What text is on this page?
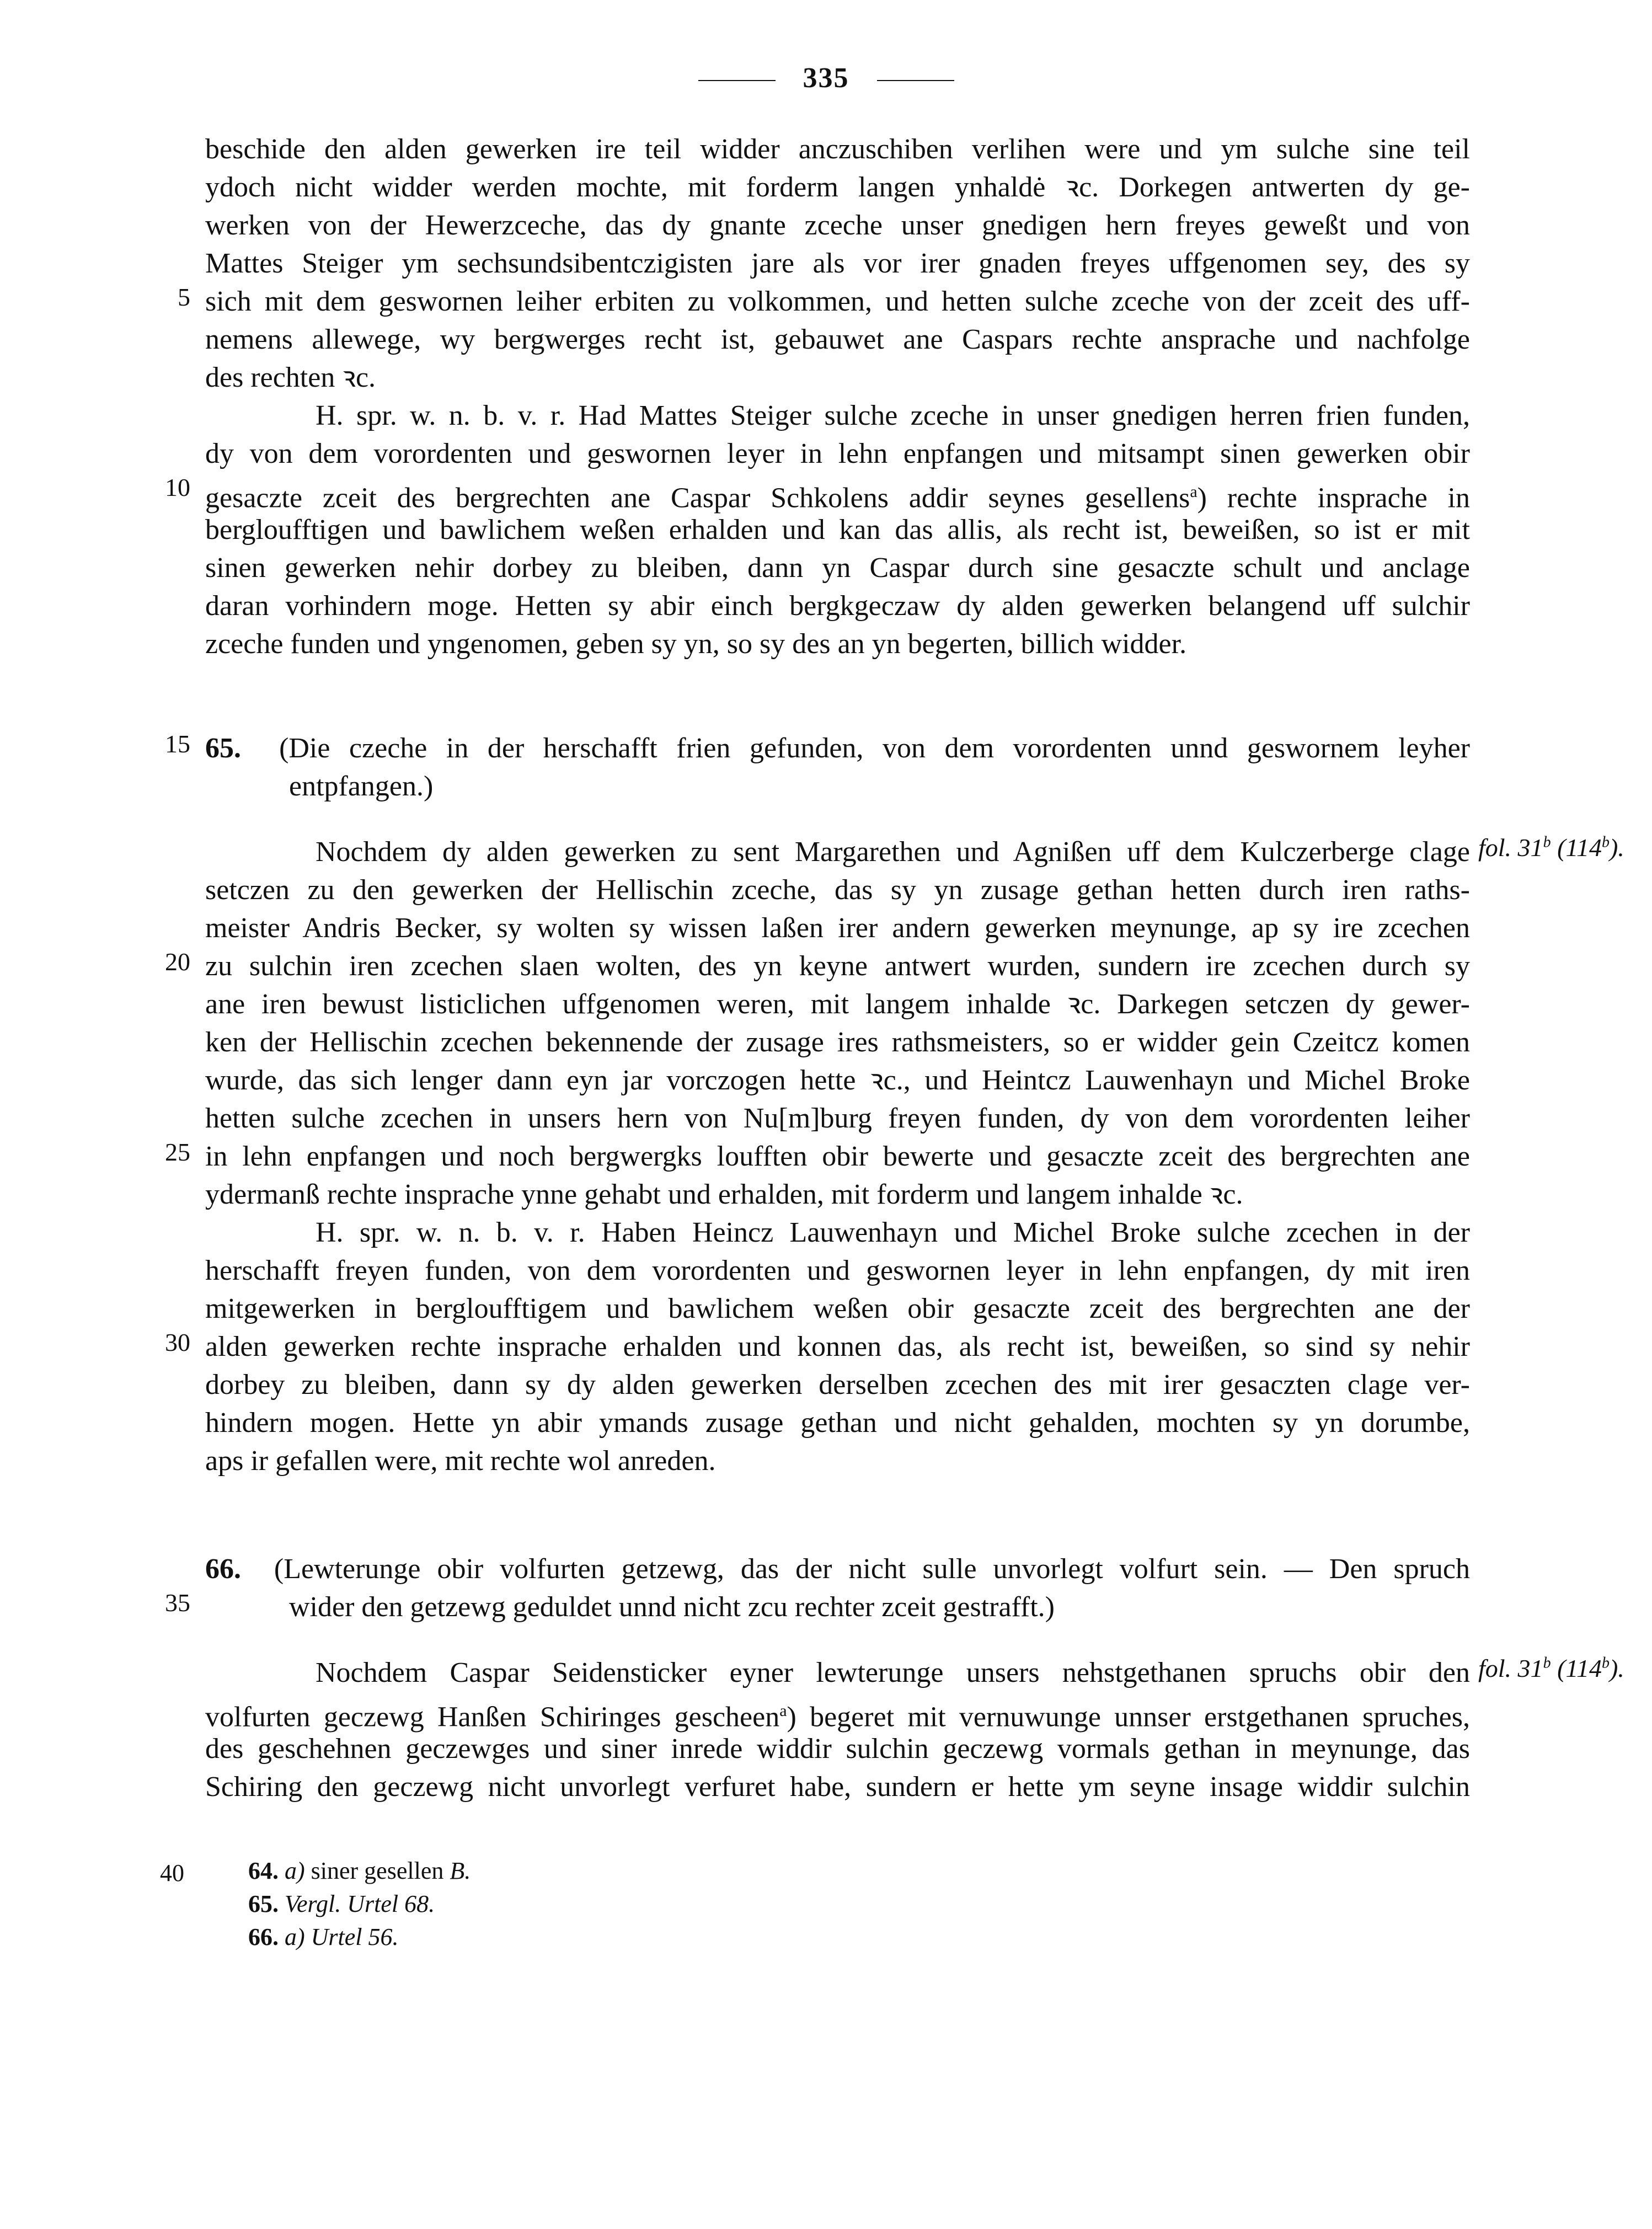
335
beschide den alden gewerken ire teil widder anczuschiben verlihen were und ym sulche sine teil
ydoch nicht widder werden mochte, mit forderm langen ynhaldė ꝛc. Dorkegen antwerten dy ge-
werken von der Hewerzceche, das dy gnante zceche unser gnedigen hern freyes geweßt und von
Mattes Steiger ym sechsundsibentczigisten jare als vor irer gnaden freyes uffgenomen sey, des sy
5 sich mit dem geswornen leiher erbiten zu volkommen, und hetten sulche zceche von der zceit des uff-
nemens allewege, wy bergwerges recht ist, gebauwet ane Caspars rechte ansprache und nachfolge
des rechten ꝛc.
H. spr. w. n. b. v. r. Had Mattes Steiger sulche zceche in unser gnedigen herren frien funden,
dy von dem vorordenten und geswornen leyer in lehn enpfangen und mitsampt sinen gewerken obir
10 gesaczte zceit des bergrechten ane Caspar Schkolens addir seynes gesellens$^a$) rechte insprache in
bergloufftigen und bawlichem weßen erhalden und kan das allis, als recht ist, beweißen, so ist er mit
sinen gewerken nehir dorbey zu bleiben, dann yn Caspar durch sine gesaczte schult und anclage
daran vorhindern moge. Hetten sy abir einch bergkgeczaw dy alden gewerken belangend uff sulchir
zceche funden und yngenomen, geben sy yn, so sy des an yn begerten, billich widder.
15 65. (Die czeche in der herschafft frien gefunden, von dem vorordenten unnd geswornem leyher
entpfangen.)
fol. 31$^b$ (114$^b$).
Nochdem dy alden gewerken zu sent Margarethen und Agnißen uff dem Kulczerberge clage
setczen zu den gewerken der Hellischin zceche, das sy yn zusage gethan hetten durch iren raths-
meister Andris Becker, sy wolten sy wissen laßen irer andern gewerken meynunge, ap sy ire zcechen
20 zu sulchin iren zcechen slaen wolten, des yn keyne antwert wurden, sundern ire zcechen durch sy
ane iren bewust listiclichen uffgenomen weren, mit langem inhalde ꝛc. Darkegen setczen dy gewer-
ken der Hellischin zcechen bekennende der zusage ires rathsmeisters, so er widder gein Czeitcz komen
wurde, das sich lenger dann eyn jar vorczogen hette ꝛc., und Heintcz Lauwenhayn und Michel Broke
hetten sulche zcechen in unsers hern von Nu[m]burg freyen funden, dy von dem vorordenten leiher
25 in lehn enpfangen und noch bergwergks loufften obir bewerte und gesaczte zceit des bergrechten ane
ydermanß rechte insprache ynne gehabt und erhalden, mit forderm und langem inhalde ꝛc.
H. spr. w. n. b. v. r. Haben Heincz Lauwenhayn und Michel Broke sulche zcechen in der
herschafft freyen funden, von dem vorordenten und geswornen leyer in lehn enpfangen, dy mit iren
mitgewerken in bergloufftigem und bawlichem weßen obir gesaczte zceit des bergrechten ane der
30 alden gewerken rechte insprache erhalden und konnen das, als recht ist, beweißen, so sind sy nehir
dorbey zu bleiben, dann sy dy alden gewerken derselben zcechen des mit irer gesaczten clage ver-
hindern mogen. Hette yn abir ymands zusage gethan und nicht gehalden, mochten sy yn dorumbe,
aps ir gefallen were, mit rechte wol anreden.
66. (Lewterunge obir volfurten getzewg, das der nicht sulle unvorlegt volfurt sein. — Den spruch
35	wider den getzewg geduldet unnd nicht zcu rechter zceit gestrafft.)
fol. 31$^b$ (114$^b$).
Nochdem Caspar Seidensticker eyner lewterunge unsers nehstgethanen spruchs obir den
volfurten geczewg Hanßen Schiringes gescheen$^a$) begeret mit vernuwunge unnser erstgethanen spruches,
des geschehnen geczewges und siner inrede widdir sulchin geczewg vormals gethan in meynunge, das
Schiring den geczewg nicht unvorlegt verfuret habe, sundern er hette ym seyne insage widdir sulchin
40	64. a) siner gesellen B.
65. Vergl. Urtel 68.
66. a) Urtel 56.
